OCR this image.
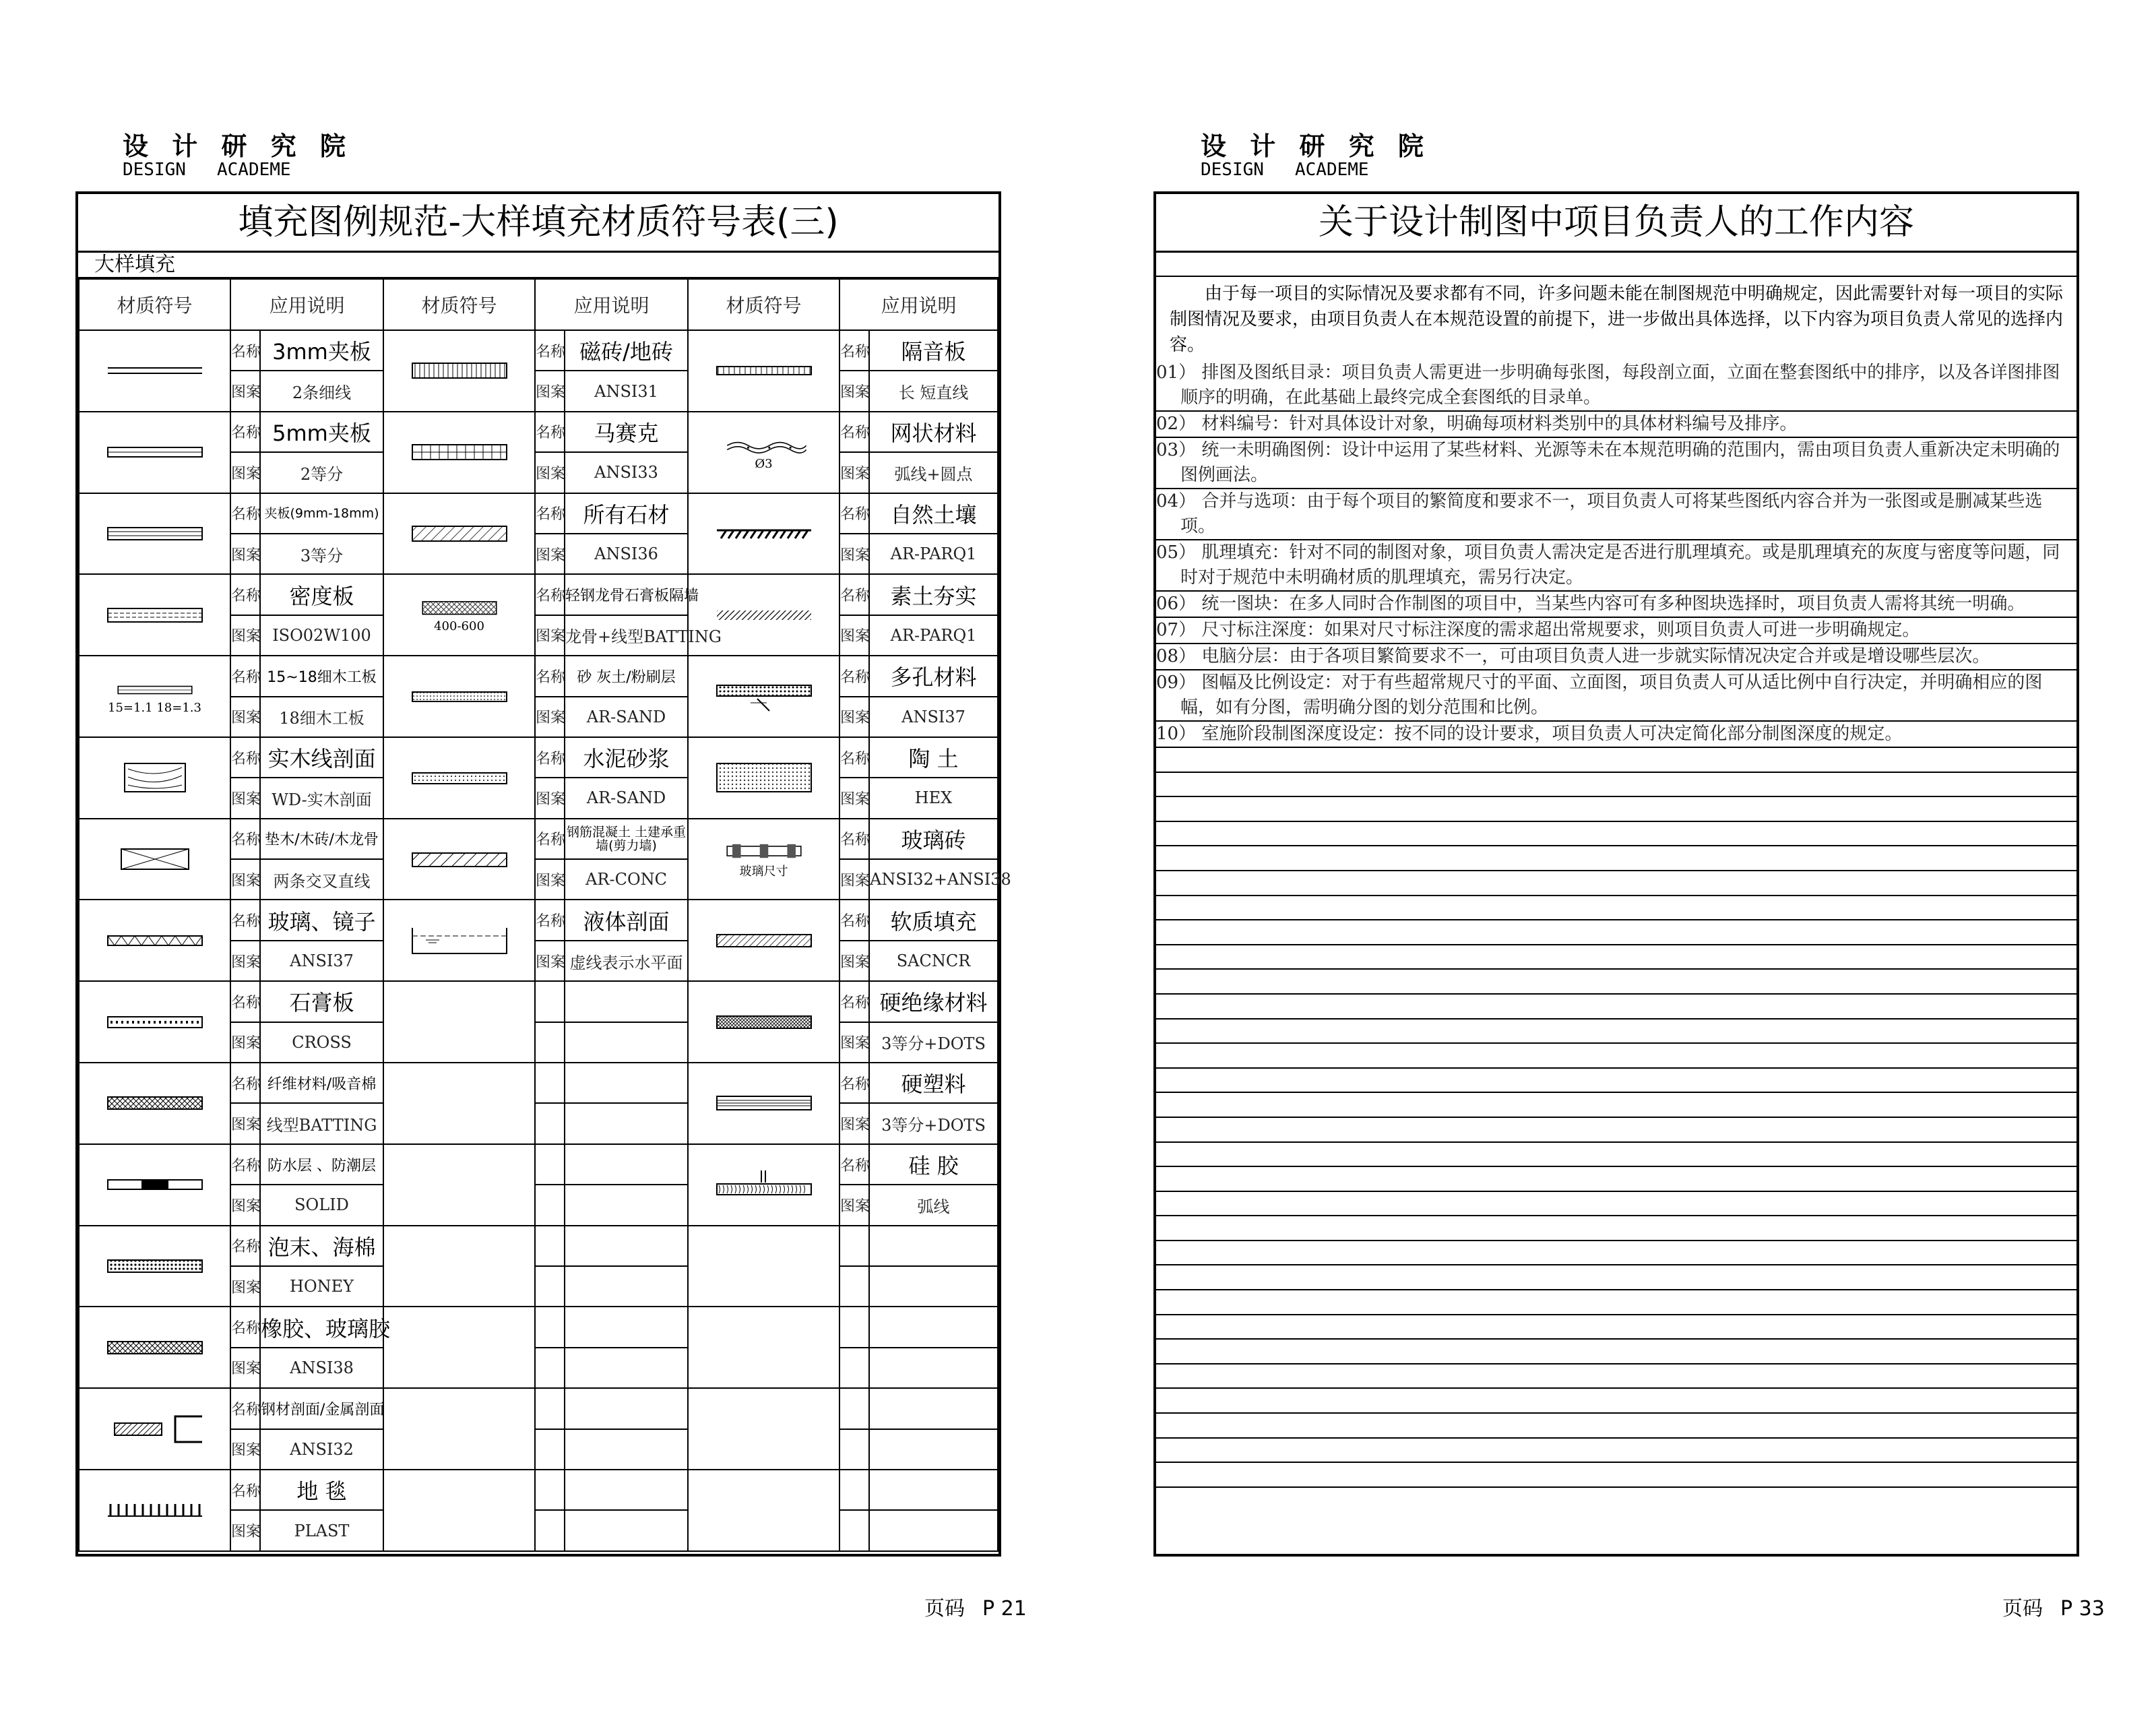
设 计 研 究 院
DESIGN ACADEME
填充图例规范-大样填充材质符号表(三)
大样填充
材质符号	应用说明		材质符号	应用说明		材质符号	应用说明	

	名称	3mm夹板		名称	磁砖/地砖		名称	隔音板
	图案	2条细线		图案	ANSI31		图案	长 短直线

	名称	5mm夹板		名称	马赛克	Ø3	名称	网状材料
	图案	2等分		图案	ANSI33		图案	弧线+圆点

	名称	夹板(9mm-18mm)		名称	所有石材		名称	自然土壤
	图案	3等分		图案	ANSI36		图案	AR-PARQ1

	名称	密度板	400-600	名称	轻钢龙骨石膏板隔墙		名称	素土夯实
	图案	ISO02W100		图案	龙骨+线型BATTING		图案	AR-PARQ1

15=1.1 18=1.3	名称	15~18细木工板		名称	砂 灰土/粉刷层		名称	多孔材料
	图案	18细木工板		图案	AR-SAND		图案	ANSI37

	名称	实木线剖面		名称	水泥砂浆		名称	陶 土
	图案	WD-实木剖面		图案	AR-SAND		图案	HEX

	名称	垫木/木砖/木龙骨		名称	钢筋混凝土 土建承重墙(剪力墙)	玻璃尺寸	名称	玻璃砖
	图案	两条交叉直线		图案	AR-CONC		图案	ANSI32+ANSI38

	名称	玻璃、镜子		名称	液体剖面		名称	软质填充
	图案	ANSI37		图案	虚线表示水平面		图案	SACNCR

	名称	石膏板					名称	硬绝缘材料
	图案	CROSS					图案	3等分+DOTS

	名称	纤维材料/吸音棉					名称	硬塑料
	图案	线型BATTING					图案	3等分+DOTS

	名称	防水层 、防潮层					名称	硅 胶
	图案	SOLID					图案	弧线

	名称	泡末、海棉						
	图案	HONEY						

	名称	橡胶、玻璃胶						
	图案	ANSI38						

	名称	钢材剖面/金属剖面						
	图案	ANSI32						

	名称	地 毯						
	图案	PLAST						
页码 P 21
设 计 研 究 院
DESIGN ACADEME
关于设计制图中项目负责人的工作内容
由于每一项目的实际情况及要求都有不同，许多问题未能在制图规范中明确规定，因此需要针对每一项目的实际制图情况及要求，由项目负责人在本规范设置的前提下，进一步做出具体选择，以下内容为项目负责人常见的选择内容。
01） 排图及图纸目录：项目负责人需更进一步明确每张图，每段剖立面，立面在整套图纸中的排序，以及各详图排图顺序的明确，在此基础上最终完成全套图纸的目录单。
02） 材料编号：针对具体设计对象，明确每项材料类别中的具体材料编号及排序。
03） 统一未明确图例：设计中运用了某些材料、光源等未在本规范明确的范围内，需由项目负责人重新决定未明确的图例画法。
04） 合并与选项：由于每个项目的繁简度和要求不一，项目负责人可将某些图纸内容合并为一张图或是删减某些选项。
05） 肌理填充：针对不同的制图对象，项目负责人需决定是否进行肌理填充。或是肌理填充的灰度与密度等问题，同时对于规范中未明确材质的肌理填充，需另行决定。
06） 统一图块：在多人同时合作制图的项目中，当某些内容可有多种图块选择时，项目负责人需将其统一明确。
07） 尺寸标注深度：如果对尺寸标注深度的需求超出常规要求，则项目负责人可进一步明确规定。
08） 电脑分层：由于各项目繁简要求不一，可由项目负责人进一步就实际情况决定合并或是增设哪些层次。
09） 图幅及比例设定：对于有些超常规尺寸的平面、立面图，项目负责人可从适比例中自行决定，并明确相应的图幅，如有分图，需明确分图的划分范围和比例。
10） 室施阶段制图深度设定：按不同的设计要求，项目负责人可决定简化部分制图深度的规定。
页码 P 33
